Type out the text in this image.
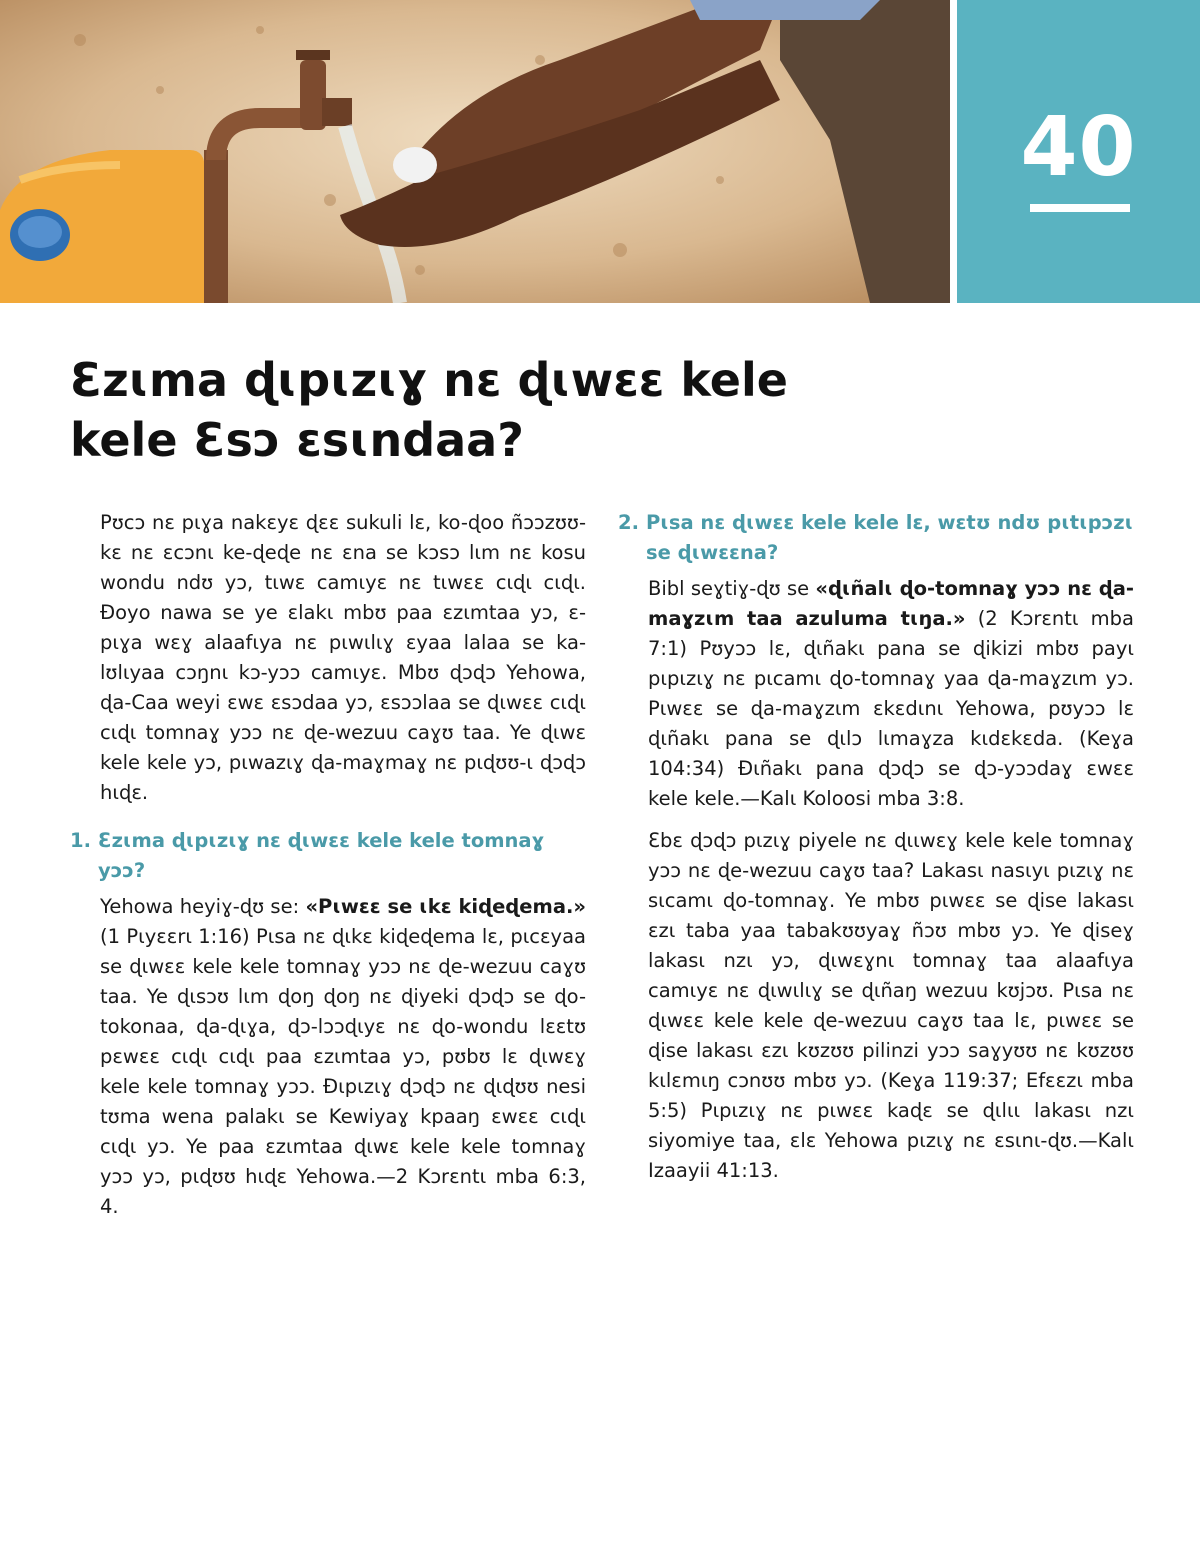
40
Ɛzɩma ɖɩpɩzɩɣ nɛ ɖɩwɛɛ kele kele Ɛsɔ ɛsɩndaa?

Pʊcɔ nɛ pɩɣa nakɛyɛ ɖɛɛ sukuli lɛ, ko-ɖoo ñɔɔzʊʊ-kɛ nɛ ɛcɔnɩ ke-ɖeɖe nɛ ɛna se kɔsɔ lɩm nɛ kosu wondu ndʊ yɔ, tɩwɛ camɩyɛ nɛ tɩwɛɛ cɩɖɩ cɩɖɩ. Ðoyo nawa se ye ɛlakɩ mbʊ paa ɛzɩmtaa yɔ, ɛ-pɩɣa wɛɣ alaafɩya nɛ pɩwɩlɩɣ ɛyaa lalaa se ka-lʊlɩyaa cɔŋnɩ kɔ-yɔɔ camɩyɛ. Mbʊ ɖɔɖɔ Yehowa, ɖa-Caa weyi ɛwɛ ɛsɔdaa yɔ, ɛsɔɔlaa se ɖɩwɛɛ cɩɖɩ cɩɖɩ tomnaɣ yɔɔ nɛ ɖe-wezuu caɣʊ taa. Ye ɖɩwɛ kele kele yɔ, pɩwazɩɣ ɖa-maɣmaɣ nɛ pɩɖʊʊ-ɩ ɖɔɖɔ hɩɖɛ.

1. Ɛzɩma ɖɩpɩzɩɣ nɛ ɖɩwɛɛ kele kele tomnaɣ yɔɔ?

Yehowa heyiɣ-ɖʊ se: «Pɩwɛɛ se ɩkɛ kiɖeɖema.» (1 Pɩyɛɛrɩ 1:16) Pɩsa nɛ ɖɩkɛ kiɖeɖema lɛ, pɩcɛyaa se ɖɩwɛɛ kele kele tomnaɣ yɔɔ nɛ ɖe-wezuu caɣʊ taa. Ye ɖɩsɔʊ lɩm ɖoŋ ɖoŋ nɛ ɖiyeki ɖɔɖɔ se ɖo-tokonaa, ɖa-ɖɩɣa, ɖɔ-lɔɔɖɩyɛ nɛ ɖo-wondu lɛɛtʊ pɛwɛɛ cɩɖɩ cɩɖɩ paa ɛzɩmtaa yɔ, pʊbʊ lɛ ɖɩwɛɣ kele kele tomnaɣ yɔɔ. Ðɩpɩzɩɣ ɖɔɖɔ nɛ ɖɩɖʊʊ nesi tʊma wena palakɩ se Kewiyaɣ kpaaŋ ɛwɛɛ cɩɖɩ cɩɖɩ yɔ. Ye paa ɛzɩmtaa ɖɩwɛ kele kele tomnaɣ yɔɔ yɔ, pɩɖʊʊ hɩɖɛ Yehowa.—2 Kɔrɛntɩ mba 6:3, 4.

2. Pɩsa nɛ ɖɩwɛɛ kele kele lɛ, wɛtʊ ndʊ pɩtɩpɔzɩ se ɖɩwɛɛna?

Bibl seɣtiɣ-ɖʊ se «ɖɩñalɩ ɖo-tomnaɣ yɔɔ nɛ ɖa-maɣzɩm taa azuluma tɩŋa.» (2 Kɔrɛntɩ mba 7:1) Pʊyɔɔ lɛ, ɖɩñakɩ pana se ɖikizi mbʊ payɩ pɩpɩzɩɣ nɛ pɩcamɩ ɖo-tomnaɣ yaa ɖa-maɣzɩm yɔ. Pɩwɛɛ se ɖa-maɣzɩm ɛkɛdɩnɩ Yehowa, pʊyɔɔ lɛ ɖɩñakɩ pana se ɖɩlɔ lɩmaɣza kɩdɛkɛda. (Keɣa 104:34) Ðɩñakɩ pana ɖɔɖɔ se ɖɔ-yɔɔdaɣ ɛwɛɛ kele kele.—Kalɩ Koloosi mba 3:8.

Ɛbɛ ɖɔɖɔ pɩzɩɣ piyele nɛ ɖɩɩwɛɣ kele kele tomnaɣ yɔɔ nɛ ɖe-wezuu caɣʊ taa? Lakasɩ nasɩyɩ pɩzɩɣ nɛ sɩcamɩ ɖo-tomnaɣ. Ye mbʊ pɩwɛɛ se ɖise lakasɩ ɛzɩ taba yaa tabakʊʊyaɣ ñɔʊ mbʊ yɔ. Ye ɖiseɣ lakasɩ nzɩ yɔ, ɖɩwɛɣnɩ tomnaɣ taa alaafɩya camɩyɛ nɛ ɖɩwɩlɩɣ se ɖɩñaŋ wezuu kʊjɔʊ. Pɩsa nɛ ɖɩwɛɛ kele kele ɖe-wezuu caɣʊ taa lɛ, pɩwɛɛ se ɖise lakasɩ ɛzɩ kʊzʊʊ pilinzi yɔɔ saɣyʊʊ nɛ kʊzʊʊ kɩlɛmɩŋ cɔnʊʊ mbʊ yɔ. (Keɣa 119:37; Efɛɛzɩ mba 5:5) Pɩpɩzɩɣ nɛ pɩwɛɛ kaɖɛ se ɖɩlɩɩ lakasɩ nzɩ siyomiye taa, ɛlɛ Yehowa pɩzɩɣ nɛ ɛsɩnɩ-ɖʊ.—Kalɩ Izaayii 41:13.
